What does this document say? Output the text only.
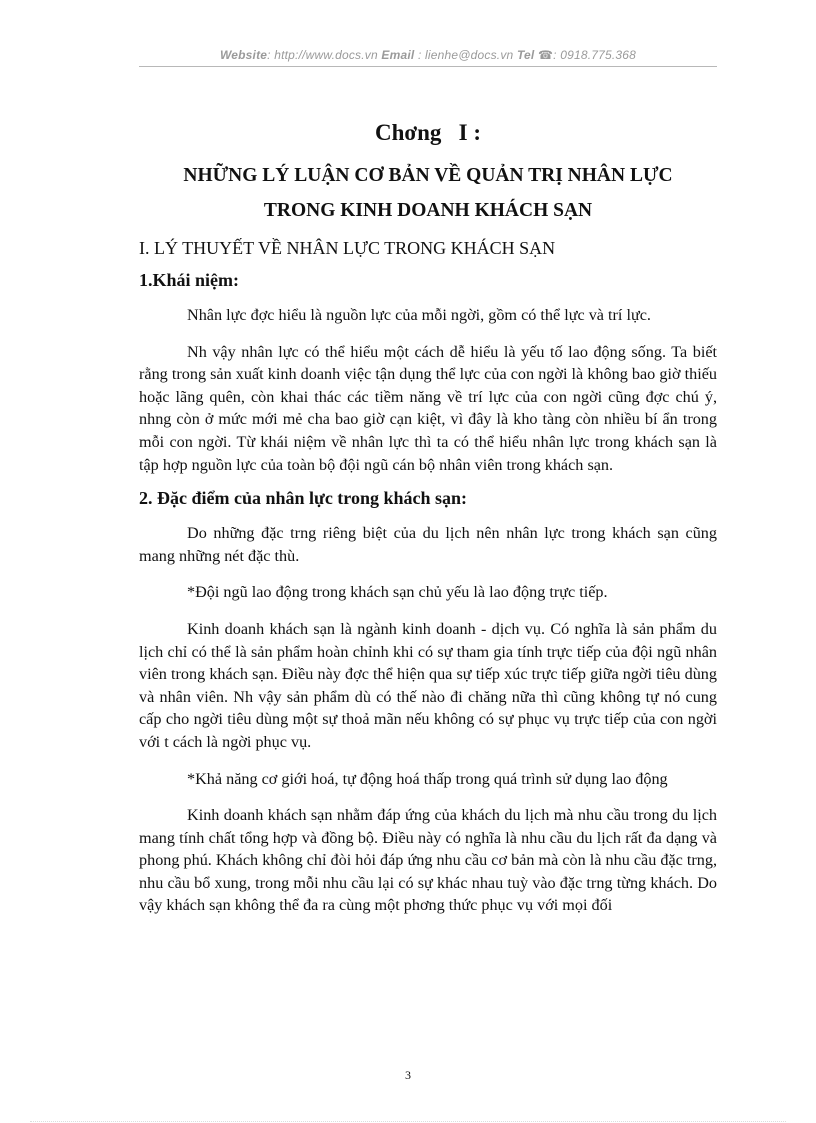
Website: http://www.docs.vn Email : lienhe@docs.vn Tel ☎: 0918.775.368
Chơng I :
NHỮNG LÝ LUẬN CƠ BẢN VỀ QUẢN TRỊ NHÂN LỰC
TRONG KINH DOANH KHÁCH SẠN
I. LÝ THUYẾT VỀ NHÂN LỰC TRONG KHÁCH SẠN
1.Khái niệm:

Nhân lực đợc hiểu là nguồn lực của mỗi ngời, gồm có thể lực và trí lực.

Nh vậy nhân lực có thể hiểu một cách dễ hiểu là yếu tố lao động sống. Ta biết rằng trong sản xuất kinh doanh việc tận dụng thể lực của con ngời là không bao giờ thiếu hoặc lãng quên, còn khai thác các tiềm năng về trí lực của con ngời cũng đợc chú ý, nhng còn ở mức mới mẻ cha bao giờ cạn kiệt, vì đây là kho tàng còn nhiều bí ẩn trong mỗi con ngời. Từ khái niệm về nhân lực thì ta có thể hiểu nhân lực trong khách sạn là tập hợp nguồn lực của toàn bộ đội ngũ cán bộ nhân viên trong khách sạn.

2. Đặc điểm của nhân lực trong khách sạn:

Do những đặc trng riêng biệt của du lịch nên nhân lực trong khách sạn cũng mang những nét đặc thù.

*Đội ngũ lao động trong khách sạn chủ yếu là lao động trực tiếp.

Kinh doanh khách sạn là ngành kinh doanh - dịch vụ. Có nghĩa là sản phẩm du lịch chỉ có thể là sản phẩm hoàn chỉnh khi có sự tham gia tính trực tiếp của đội ngũ nhân viên trong khách sạn. Điều này đợc thể hiện qua sự tiếp xúc trực tiếp giữa ngời tiêu dùng và nhân viên. Nh vậy sản phẩm dù có thế nào đi chăng nữa thì cũng không tự nó cung cấp cho ngời tiêu dùng một sự thoả mãn nếu không có sự phục vụ trực tiếp của con ngời với t cách là ngời phục vụ.

*Khả năng cơ giới hoá, tự động hoá thấp trong quá trình sử dụng lao động

Kinh doanh khách sạn nhằm đáp ứng của khách du lịch mà nhu cầu trong du lịch mang tính chất tổng hợp và đồng bộ. Điều này có nghĩa là nhu cầu du lịch rất đa dạng và phong phú. Khách không chỉ đòi hỏi đáp ứng nhu cầu cơ bản mà còn là nhu cầu đặc trng, nhu cầu bổ xung, trong mỗi nhu cầu lại có sự khác nhau tuỳ vào đặc trng từng khách. Do vậy khách sạn không thể đa ra cùng một phơng thức phục vụ với mọi đối

3
